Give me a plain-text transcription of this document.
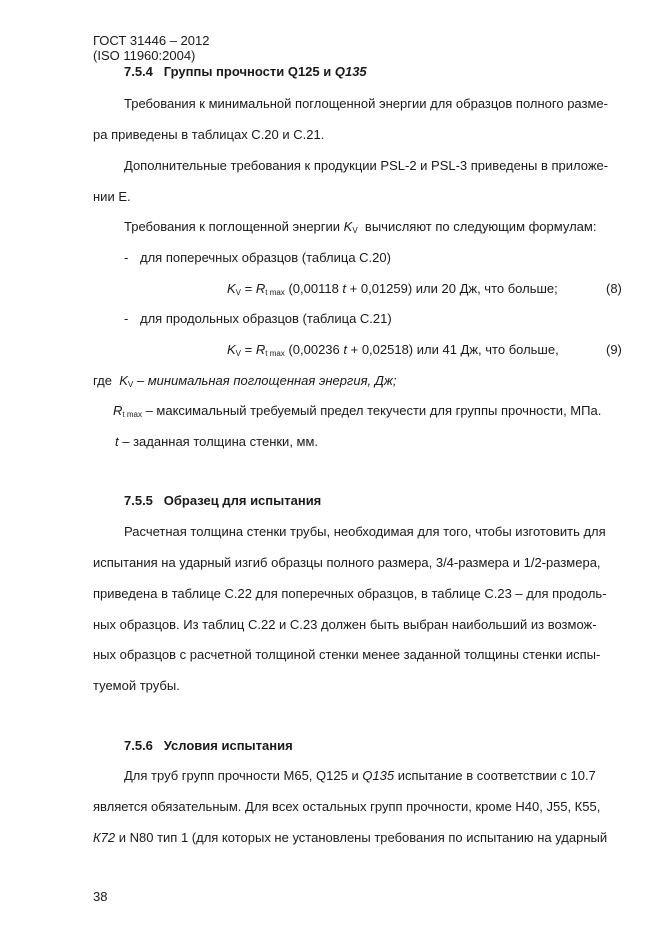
ГОСТ 31446 – 2012
(ISO 11960:2004)
7.5.4 Группы прочности Q125 и Q135
Требования к минимальной поглощенной энергии для образцов полного разме-
ра приведены в таблицах С.20 и С.21.
Дополнительные требования к продукции PSL-2 и PSL-3 приведены в приложе-
нии Е.
Требования к поглощенной энергии $K_V$ вычисляют по следующим формулам:
- для поперечных образцов (таблица С.20)
$K_V = R_{t max}$ (0,00118 t + 0,01259) или 20 Дж, что больше;	(8)
- для продольных образцов (таблица С.21)
$K_V = R_{t max}$ (0,00236 t + 0,02518) или 41 Дж, что больше,	(9)
где $K_V$ – минимальная поглощенная энергия, Дж;
$R_{t max}$ – максимальный требуемый предел текучести для группы прочности, МПа.
t – заданная толщина стенки, мм.
7.5.5 Образец для испытания
Расчетная толщина стенки трубы, необходимая для того, чтобы изготовить для
испытания на ударный изгиб образцы полного размера, 3/4-размера и 1/2-размера,
приведена в таблице С.22 для поперечных образцов, в таблице С.23 – для продоль-
ных образцов. Из таблиц С.22 и С.23 должен быть выбран наибольший из возмож-
ных образцов с расчетной толщиной стенки менее заданной толщины стенки испы-
туемой трубы.
7.5.6 Условия испытания
Для труб групп прочности М65, Q125 и Q135 испытание в соответствии с 10.7
является обязательным. Для всех остальных групп прочности, кроме Н40, J55, К55,
К72 и N80 тип 1 (для которых не установлены требования по испытанию на ударный
38
